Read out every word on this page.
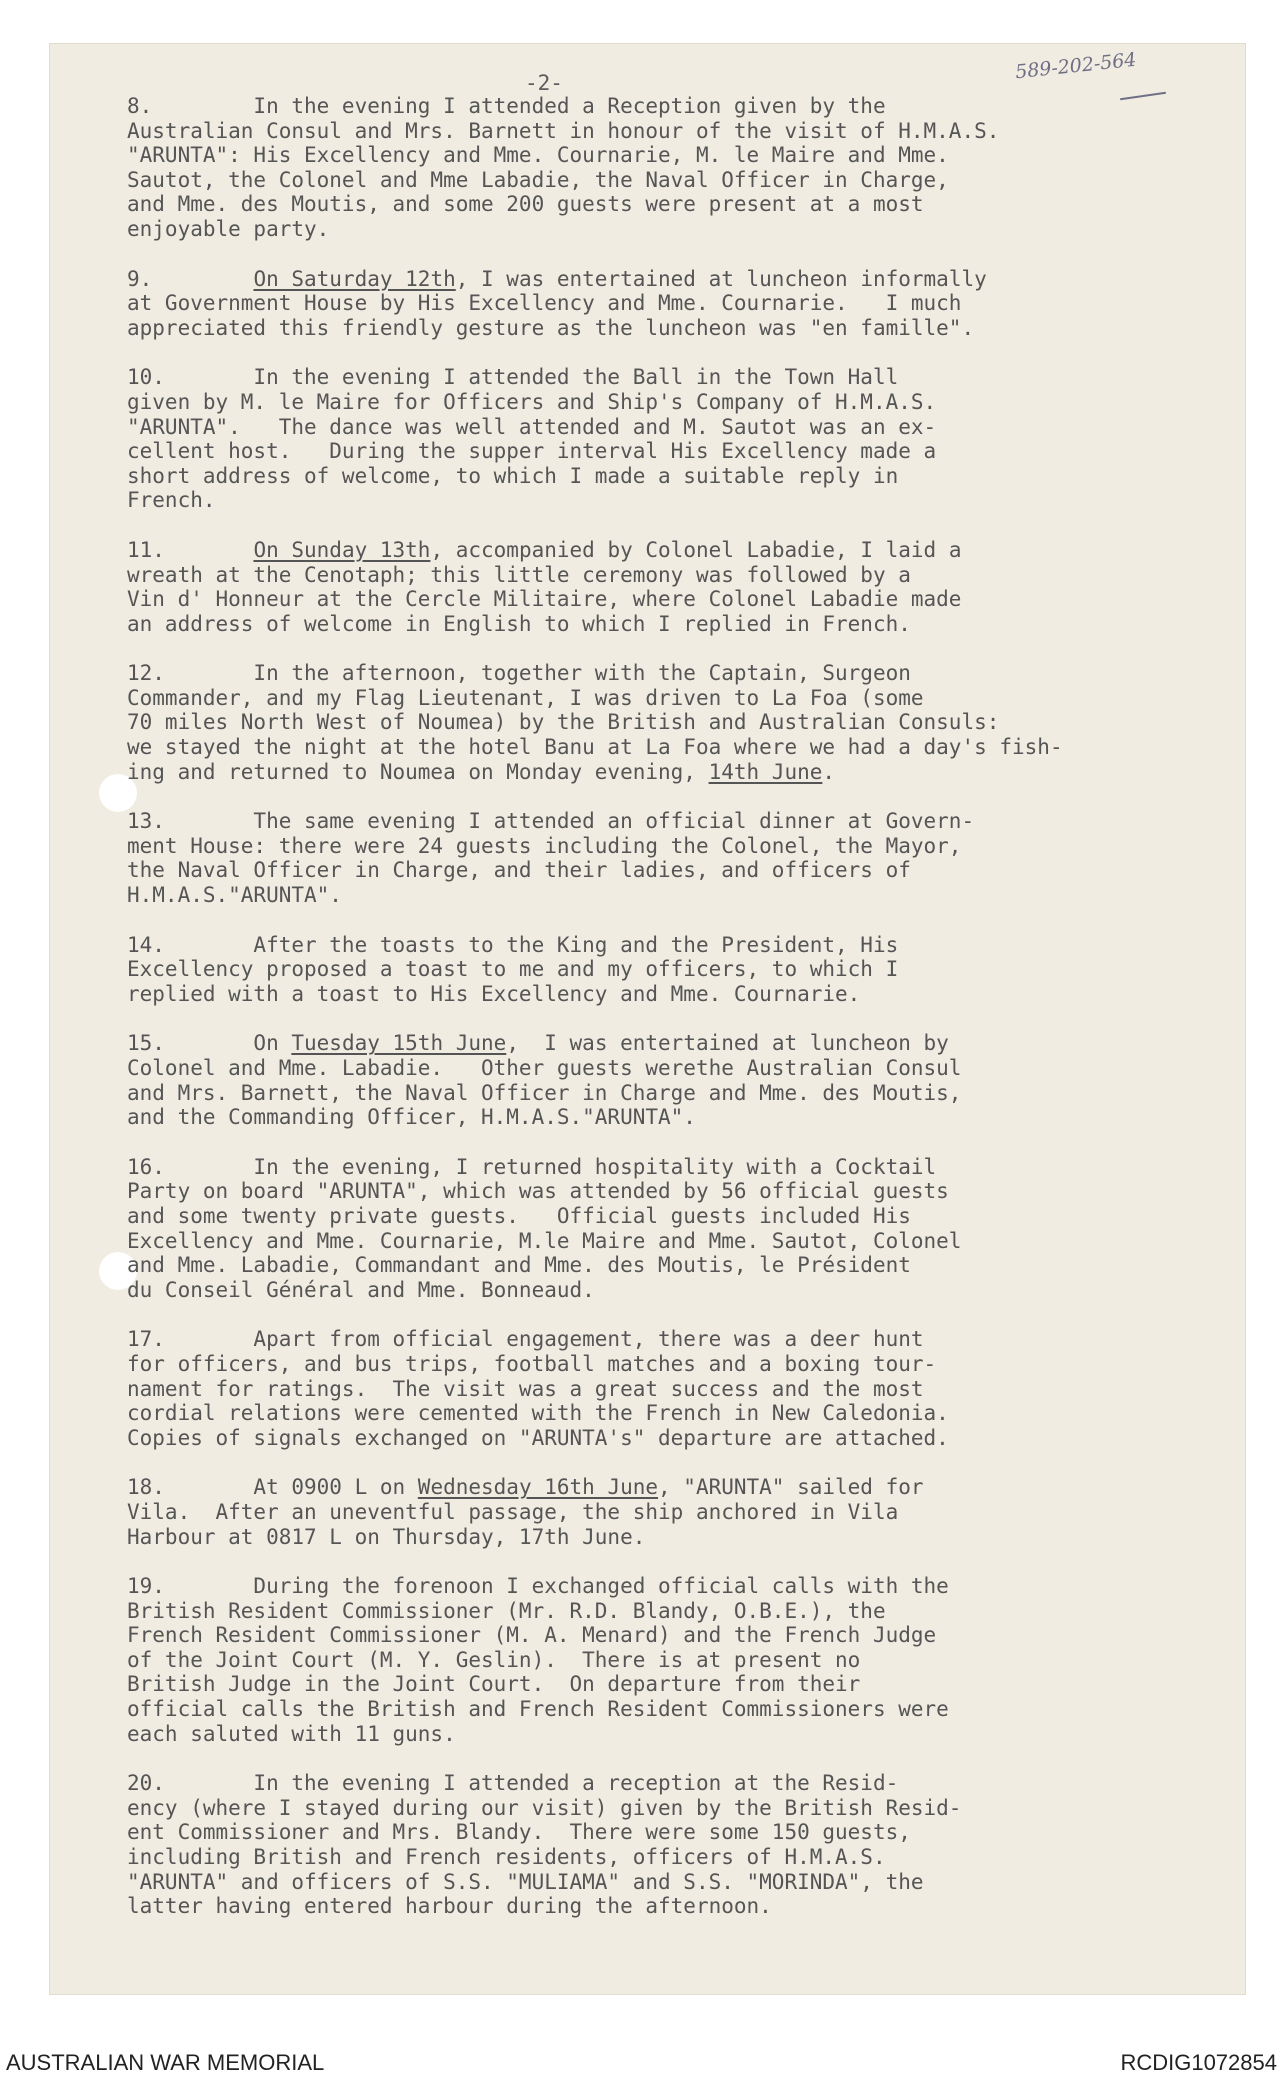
-2-	589-202-564
8.        In the evening I attended a Reception given by the
Australian Consul and Mrs. Barnett in honour of the visit of H.M.A.S.
"ARUNTA": His Excellency and Mme. Cournarie, M. le Maire and Mme.
Sautot, the Colonel and Mme Labadie, the Naval Officer in Charge,
and Mme. des Moutis, and some 200 guests were present at a most
enjoyable party.
9.        On Saturday 12th, I was entertained at luncheon informally
at Government House by His Excellency and Mme. Cournarie.   I much
appreciated this friendly gesture as the luncheon was "en famille".
10.       In the evening I attended the Ball in the Town Hall
given by M. le Maire for Officers and Ship's Company of H.M.A.S.
"ARUNTA".   The dance was well attended and M. Sautot was an ex-
cellent host.   During the supper interval His Excellency made a
short address of welcome, to which I made a suitable reply in
French.
11.       On Sunday 13th, accompanied by Colonel Labadie, I laid a
wreath at the Cenotaph; this little ceremony was followed by a
Vin d' Honneur at the Cercle Militaire, where Colonel Labadie made
an address of welcome in English to which I replied in French.
12.       In the afternoon, together with the Captain, Surgeon
Commander, and my Flag Lieutenant, I was driven to La Foa (some
70 miles North West of Noumea) by the British and Australian Consuls:
we stayed the night at the hotel Banu at La Foa where we had a day's fish-
ing and returned to Noumea on Monday evening, 14th June.
13.       The same evening I attended an official dinner at Govern-
ment House: there were 24 guests including the Colonel, the Mayor,
the Naval Officer in Charge, and their ladies, and officers of
H.M.A.S."ARUNTA".
14.       After the toasts to the King and the President, His
Excellency proposed a toast to me and my officers, to which I
replied with a toast to His Excellency and Mme. Cournarie.
15.       On Tuesday 15th June,  I was entertained at luncheon by
Colonel and Mme. Labadie.   Other guests werethe Australian Consul
and Mrs. Barnett, the Naval Officer in Charge and Mme. des Moutis,
and the Commanding Officer, H.M.A.S."ARUNTA".
16.       In the evening, I returned hospitality with a Cocktail
Party on board "ARUNTA", which was attended by 56 official guests
and some twenty private guests.   Official guests included His
Excellency and Mme. Cournarie, M.le Maire and Mme. Sautot, Colonel
and Mme. Labadie, Commandant and Mme. des Moutis, le Président
du Conseil Général and Mme. Bonneaud.
17.       Apart from official engagement, there was a deer hunt
for officers, and bus trips, football matches and a boxing tour-
nament for ratings.  The visit was a great success and the most
cordial relations were cemented with the French in New Caledonia.
Copies of signals exchanged on "ARUNTA's" departure are attached.
18.       At 0900 L on Wednesday 16th June, "ARUNTA" sailed for
Vila.  After an uneventful passage, the ship anchored in Vila
Harbour at 0817 L on Thursday, 17th June.
19.       During the forenoon I exchanged official calls with the
British Resident Commissioner (Mr. R.D. Blandy, O.B.E.), the
French Resident Commissioner (M. A. Menard) and the French Judge
of the Joint Court (M. Y. Geslin).  There is at present no
British Judge in the Joint Court.  On departure from their
official calls the British and French Resident Commissioners were
each saluted with 11 guns.
20.       In the evening I attended a reception at the Resid-
ency (where I stayed during our visit) given by the British Resid-
ent Commissioner and Mrs. Blandy.  There were some 150 guests,
including British and French residents, officers of H.M.A.S.
"ARUNTA" and officers of S.S. "MULIAMA" and S.S. "MORINDA", the
latter having entered harbour during the afternoon.
AUSTRALIAN WAR MEMORIAL	RCDIG1072854
